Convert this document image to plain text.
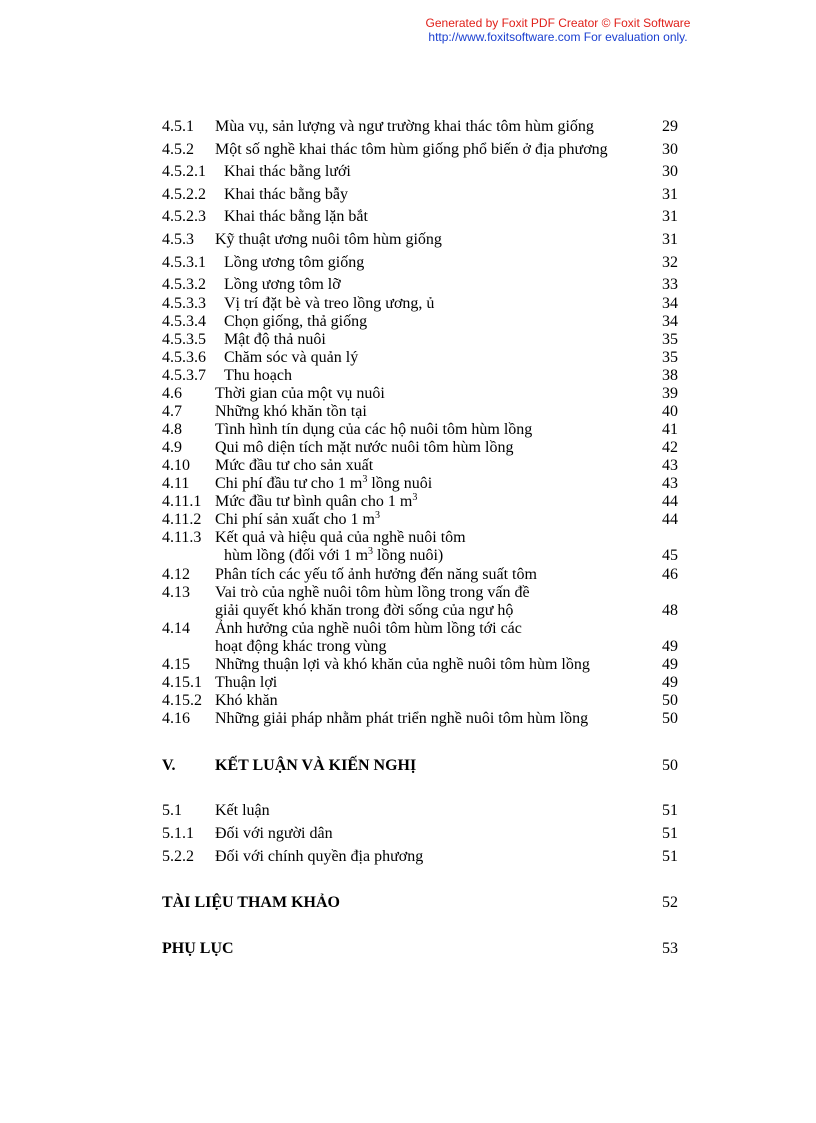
Generated by Foxit PDF Creator © Foxit Software
http://www.foxitsoftware.com For evaluation only.
4.5.1 Mùa vụ, sản lượng và ngư trường khai thác tôm hùm giống	29
4.5.2 Một số nghề khai thác tôm hùm giống phổ biến ở địa phương	30
4.5.2.1 Khai thác bằng lưới	30
4.5.2.2 Khai thác bằng bẫy	31
4.5.2.3 Khai thác bằng lặn bắt	31
4.5.3 Kỹ thuật ương nuôi tôm hùm giống	31
4.5.3.1 Lồng ương tôm giống	32
4.5.3.2 Lồng ương tôm lỡ	33
4.5.3.3 Vị trí đặt bè và treo lồng ương, ủ	34
4.5.3.4 Chọn giống, thả giống	34
4.5.3.5 Mật độ thả nuôi	35
4.5.3.6 Chăm sóc và quản lý	35
4.5.3.7 Thu hoạch	38
4.6 Thời gian của một vụ nuôi	39
4.7 Những khó khăn tồn tại	40
4.8 Tình hình tín dụng của các hộ nuôi tôm hùm lồng	41
4.9 Qui mô diện tích mặt nước nuôi tôm hùm lồng	42
4.10 Mức đầu tư cho sản xuất	43
4.11 Chi phí đầu tư cho 1 $m^3$ lồng nuôi	43
4.11.1 Mức đầu tư bình quân cho 1 $m^3$	44
4.11.2 Chi phí sản xuất cho 1 $m^3$	44
4.11.3 Kết quả và hiệu quả của nghề nuôi tôm
hùm lồng (đối với 1 $m^3$ lồng nuôi)	45
4.12 Phân tích các yếu tố ảnh hưởng đến năng suất tôm	46
4.13 Vai trò của nghề nuôi tôm hùm lồng trong vấn đề
giải quyết khó khăn trong đời sống của ngư hộ	48
4.14 Ảnh hưởng của nghề nuôi tôm hùm lồng tới các
hoạt động khác trong vùng	49
4.15 Những thuận lợi và khó khăn của nghề nuôi tôm hùm lồng	49
4.15.1 Thuận lợi	49
4.15.2 Khó khăn	50
4.16 Những giải pháp nhằm phát triển nghề nuôi tôm hùm lồng	50
V. KẾT LUẬN VÀ KIẾN NGHỊ	50
5.1 Kết luận	51
5.1.1 Đối với người dân	51
5.2.2 Đối với chính quyền địa phương	51
TÀI LIỆU THAM KHẢO	52
PHỤ LỤC	53
